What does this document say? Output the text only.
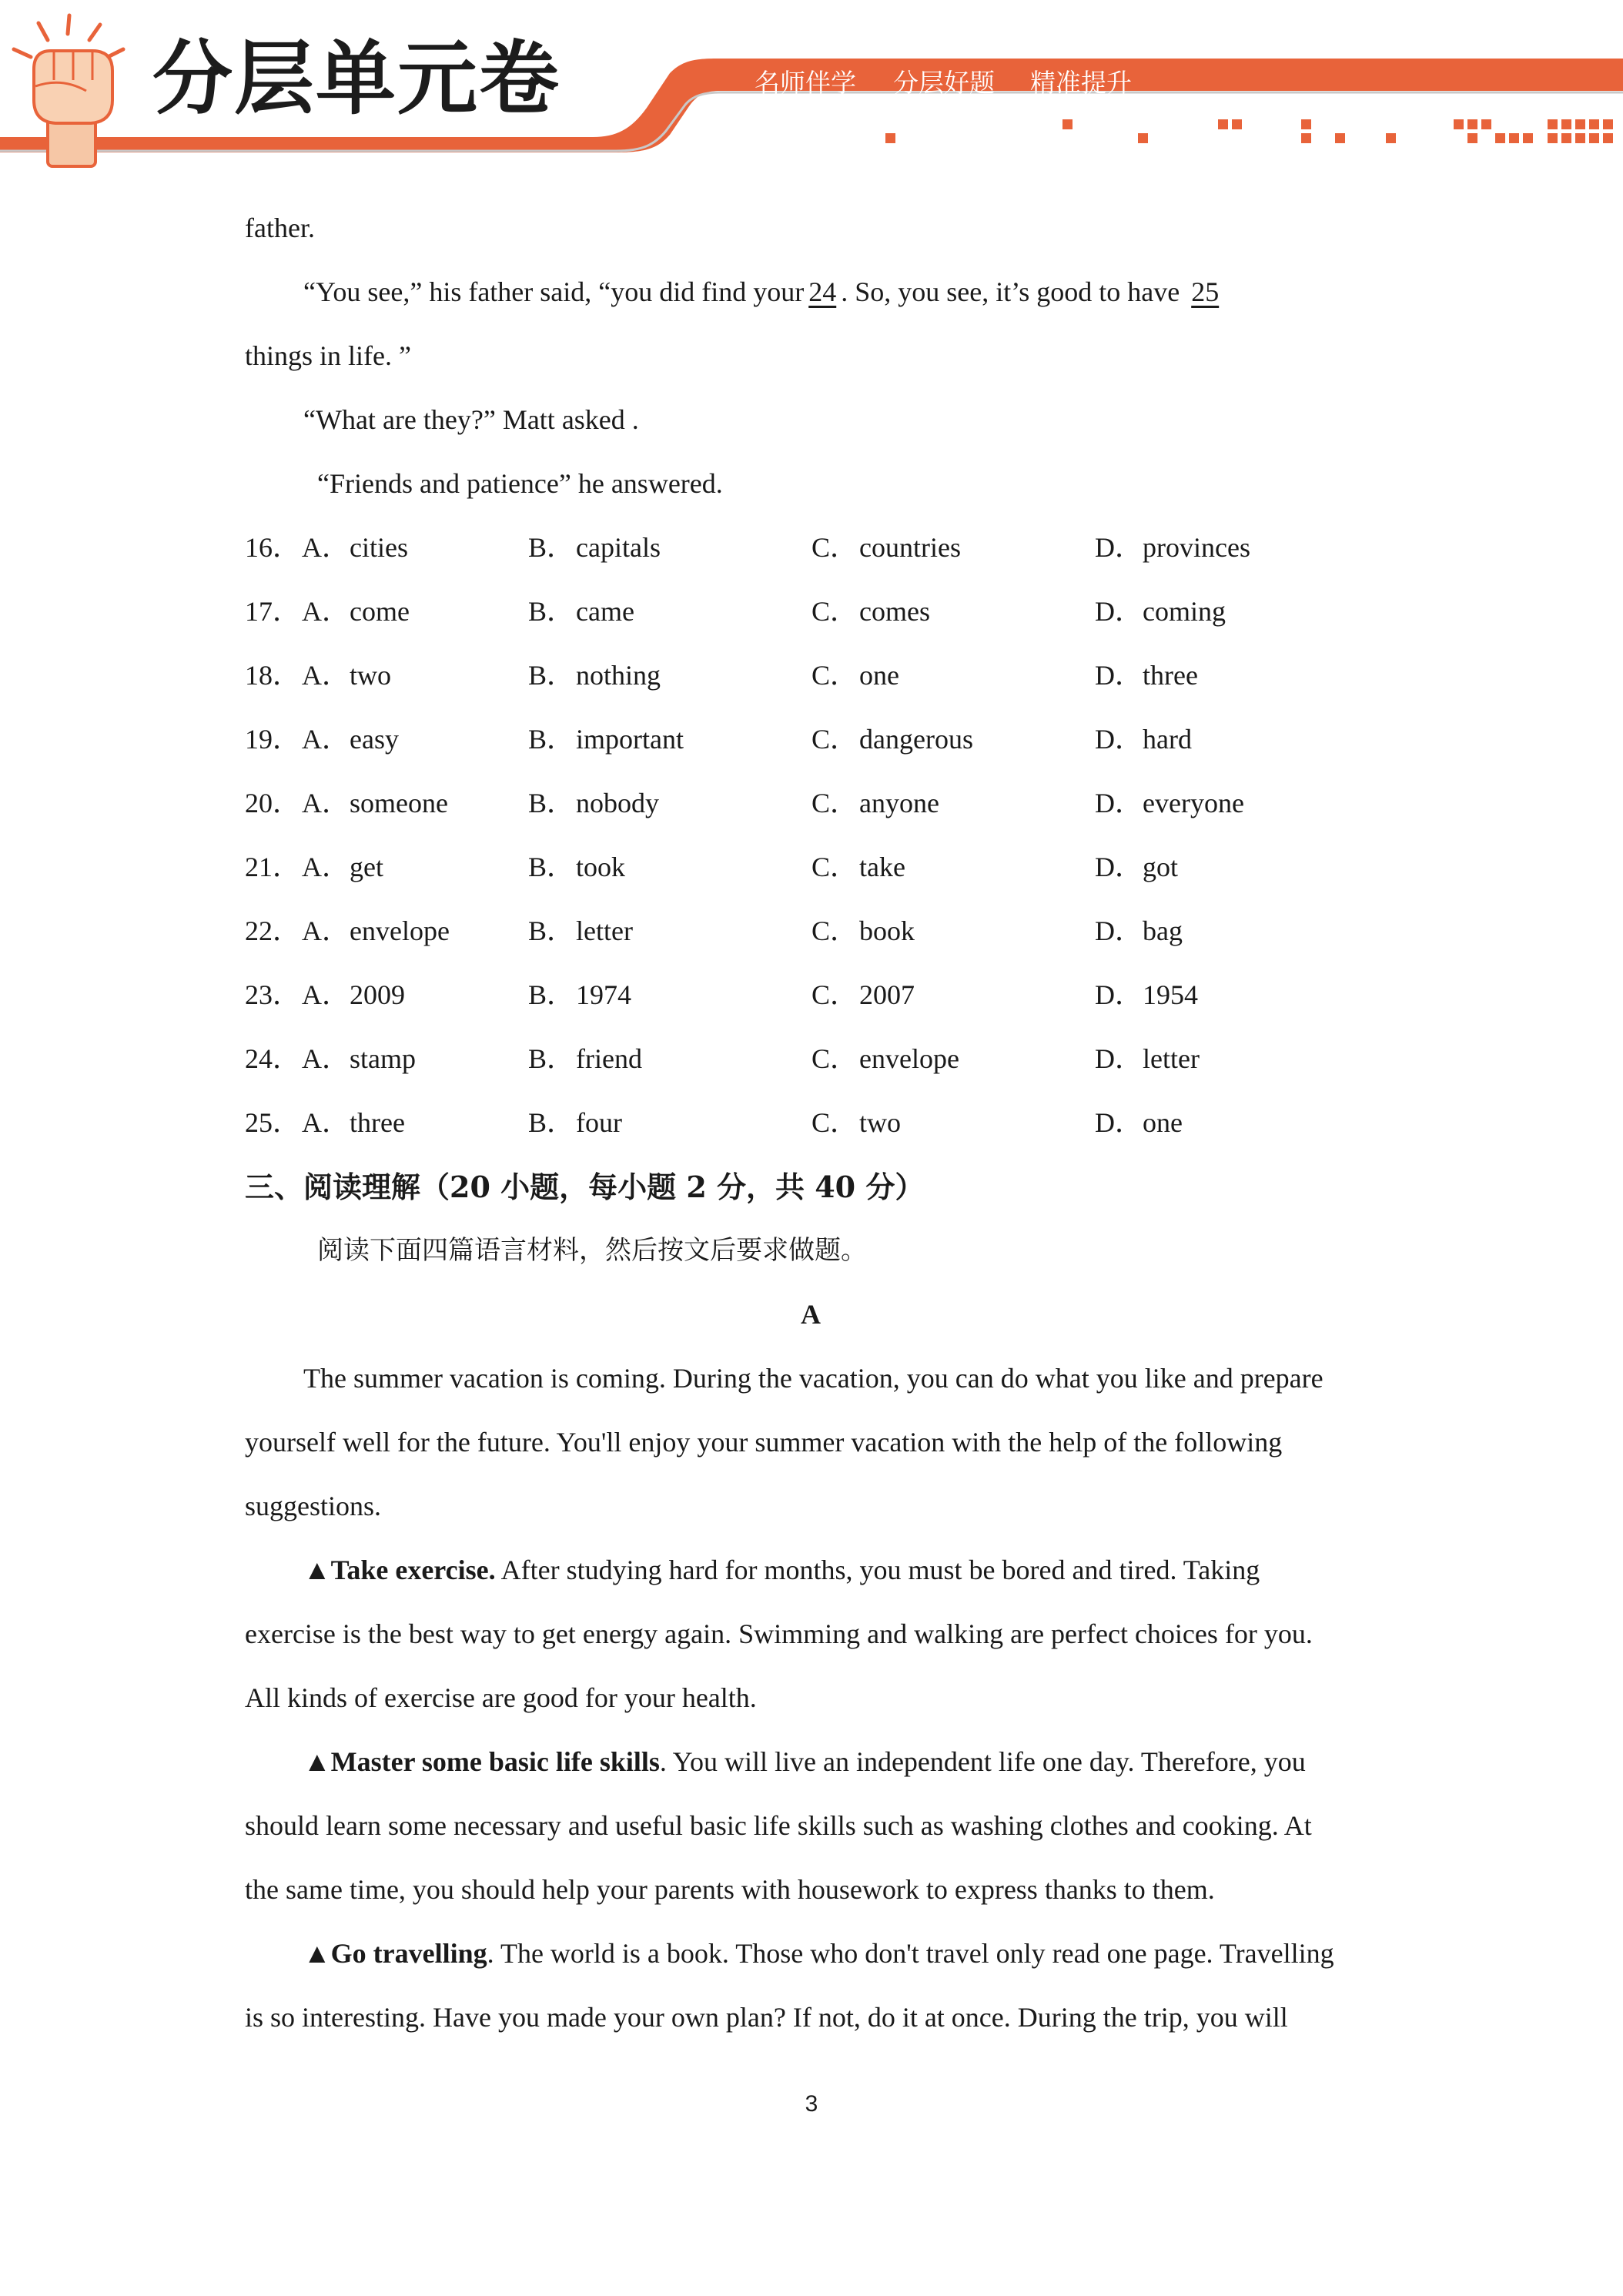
分层单元卷	名师伴学 分层好题 精准提升
father.
“You see,” his father said, “you did find your 24 . So, you see, it’s good to have 25
things in life. ”
“What are they?” Matt asked .
“Friends and patience” he answered.
16． A．cities	B．capitals	C．countries	D．provinces
17． A．come	B．came	C．comes	D．coming
18． A．two	B．nothing	C．one	D．three
19． A．easy	B．important	C．dangerous	D．hard
20． A．someone	B．nobody	C．anyone	D．everyone
21． A．get	B．took	C．take	D．got
22． A．envelope	B．letter	C．book	D．bag
23． A．2009	B．1974	C．2007	D．1954
24． A．stamp	B．friend	C．envelope	D．letter
25． A．three	B．four	C．two	D．one
三、阅读理解（20 小题，每小题 2 分，共 40 分）
阅读下面四篇语言材料，然后按文后要求做题。
A
The summer vacation is coming. During the vacation, you can do what you like and prepare
yourself well for the future. You'll enjoy your summer vacation with the help of the following
suggestions.
▲Take exercise. After studying hard for months, you must be bored and tired. Taking
exercise is the best way to get energy again. Swimming and walking are perfect choices for you.
All kinds of exercise are good for your health.
▲Master some basic life skills. You will live an independent life one day. Therefore, you
should learn some necessary and useful basic life skills such as washing clothes and cooking. At
the same time, you should help your parents with housework to express thanks to them.
▲Go travelling. The world is a book. Those who don't travel only read one page. Travelling
is so interesting. Have you made your own plan? If not, do it at once. During the trip, you will
3
